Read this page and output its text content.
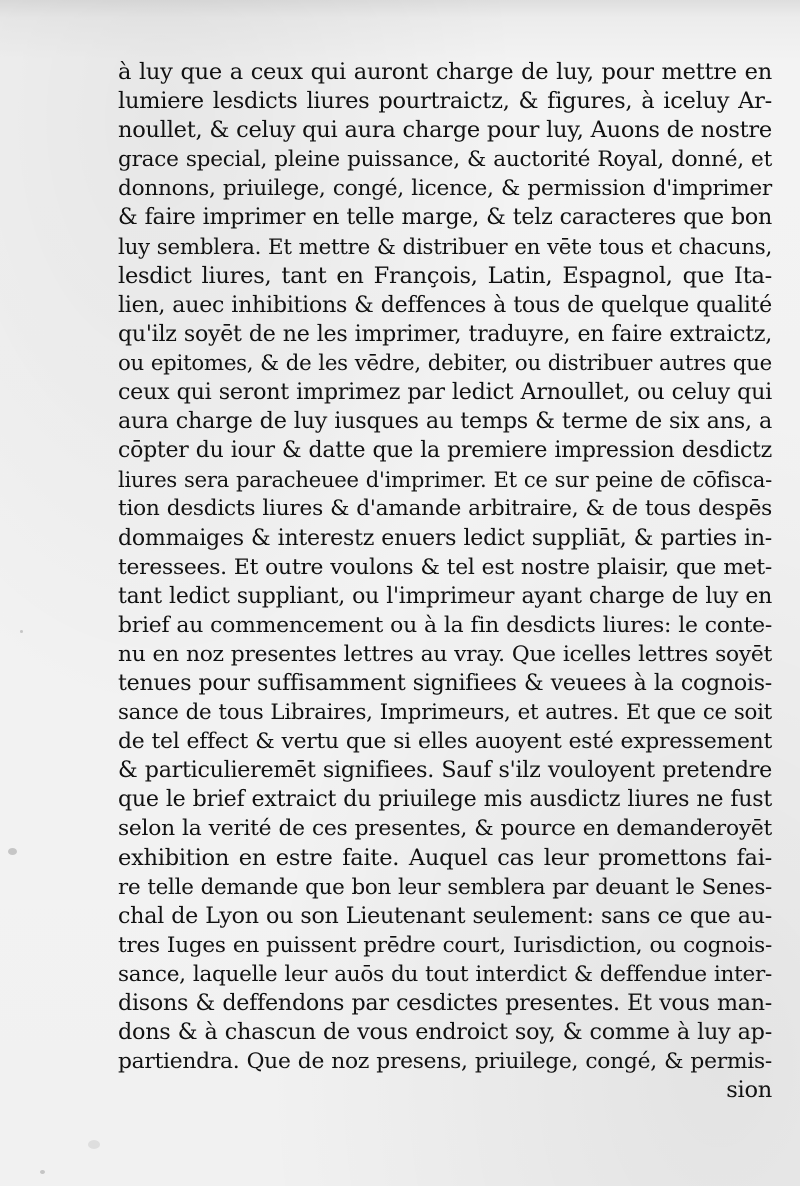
à luy que a ceux qui auront charge de luy, pour mettre en
lumiere lesdicts liures pourtraictz, & figures, à iceluy Ar-
noullet, & celuy qui aura charge pour luy, Auons de nostre
grace special, pleine puissance, & auctorité Royal, donné, et
donnons, priuilege, congé, licence, & permission d'imprimer
& faire imprimer en telle marge, & telz caracteres que bon
luy semblera. Et mettre & distribuer en vēte tous et chacuns,
lesdict liures, tant en François, Latin, Espagnol, que Ita-
lien, auec inhibitions & deffences à tous de quelque qualité
qu'ilz soyēt de ne les imprimer, traduyre, en faire extraictz,
ou epitomes, & de les vēdre, debiter, ou distribuer autres que
ceux qui seront imprimez par ledict Arnoullet, ou celuy qui
aura charge de luy iusques au temps & terme de six ans, a
cōpter du iour & datte que la premiere impression desdictz
liures sera paracheuee d'imprimer. Et ce sur peine de cōfisca-
tion desdicts liures & d'amande arbitraire, & de tous despēs
dommaiges & interestz enuers ledict suppliāt, & parties in-
teressees. Et outre voulons & tel est nostre plaisir, que met-
tant ledict suppliant, ou l'imprimeur ayant charge de luy en
brief au commencement ou à la fin desdicts liures: le conte-
nu en noz presentes lettres au vray. Que icelles lettres soyēt
tenues pour suffisamment signifiees & veuees à la cognois-
sance de tous Libraires, Imprimeurs, et autres. Et que ce soit
de tel effect & vertu que si elles auoyent esté expressement
& particulieremēt signifiees. Sauf s'ilz vouloyent pretendre
que le brief extraict du priuilege mis ausdictz liures ne fust
selon la verité de ces presentes, & pource en demanderoyēt
exhibition en estre faite. Auquel cas leur promettons fai-
re telle demande que bon leur semblera par deuant le Senes-
chal de Lyon ou son Lieutenant seulement: sans ce que au-
tres Iuges en puissent prēdre court, Iurisdiction, ou cognois-
sance, laquelle leur auōs du tout interdict & deffendue inter-
disons & deffendons par cesdictes presentes. Et vous man-
dons & à chascun de vous endroict soy, & comme à luy ap-
partiendra. Que de noz presens, priuilege, congé, & permis-
sion
